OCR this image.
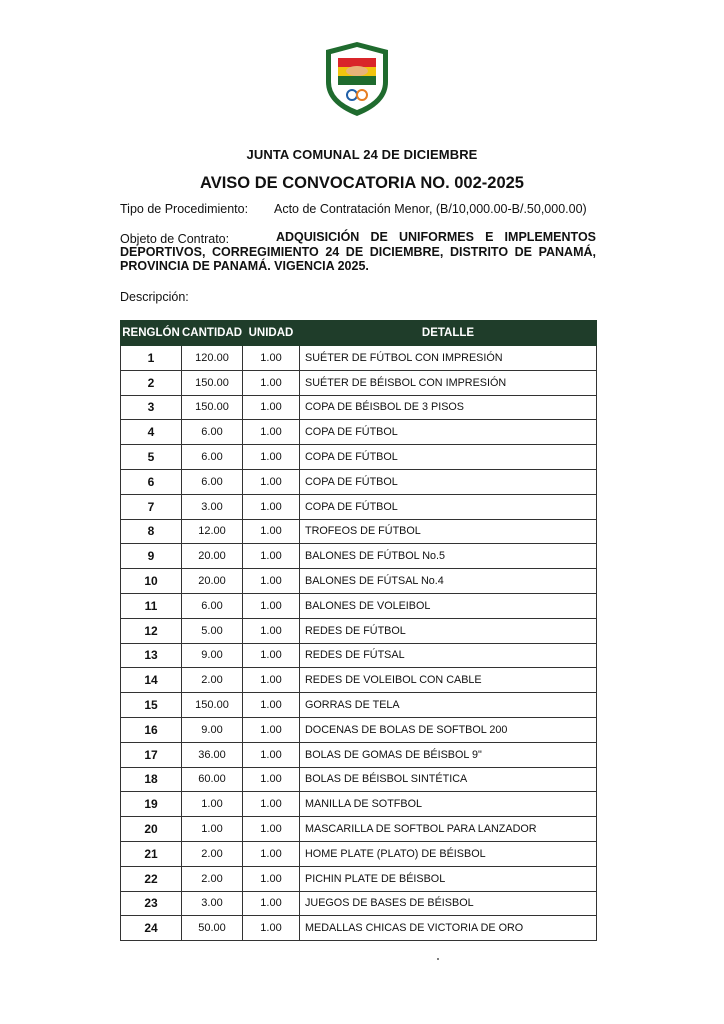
JUNTA COMUNAL 24 DE DICIEMBRE
AVISO DE CONVOCATORIA NO. 002-2025
Tipo de Procedimiento: Acto de Contratación Menor, (B/10,000.00-B/.50,000.00)
Objeto de Contrato:	ADQUISICIÓN DE UNIFORMES E IMPLEMENTOS DEPORTIVOS, CORREGIMIENTO 24 DE DICIEMBRE, DISTRITO DE PANAMÁ, PROVINCIA DE PANAMÁ. VIGENCIA 2025.
Descripción:
RENGLÓN	CANTIDAD	UNIDAD	DETALLE
1	120.00	1.00	SUÉTER DE FÚTBOL CON IMPRESIÓN
2	150.00	1.00	SUÉTER DE BÉISBOL CON IMPRESIÓN
3	150.00	1.00	COPA DE BÉISBOL DE 3 PISOS
4	6.00	1.00	COPA DE FÚTBOL
5	6.00	1.00	COPA DE FÚTBOL
6	6.00	1.00	COPA DE FÚTBOL
7	3.00	1.00	COPA DE FÚTBOL
8	12.00	1.00	TROFEOS DE FÚTBOL
9	20.00	1.00	BALONES DE FÚTBOL No.5
10	20.00	1.00	BALONES DE FÚTSAL No.4
11	6.00	1.00	BALONES DE VOLEIBOL
12	5.00	1.00	REDES DE FÚTBOL
13	9.00	1.00	REDES DE FÚTSAL
14	2.00	1.00	REDES DE VOLEIBOL CON CABLE
15	150.00	1.00	GORRAS DE TELA
16	9.00	1.00	DOCENAS DE BOLAS DE SOFTBOL 200
17	36.00	1.00	BOLAS DE GOMAS DE BÉISBOL 9"
18	60.00	1.00	BOLAS DE BÉISBOL SINTÉTICA
19	1.00	1.00	MANILLA DE SOTFBOL
20	1.00	1.00	MASCARILLA DE SOFTBOL PARA LANZADOR
21	2.00	1.00	HOME PLATE (PLATO) DE BÉISBOL
22	2.00	1.00	PICHIN PLATE DE BÉISBOL
23	3.00	1.00	JUEGOS DE BASES DE BÉISBOL
24	50.00	1.00	MEDALLAS CHICAS DE VICTORIA DE ORO
